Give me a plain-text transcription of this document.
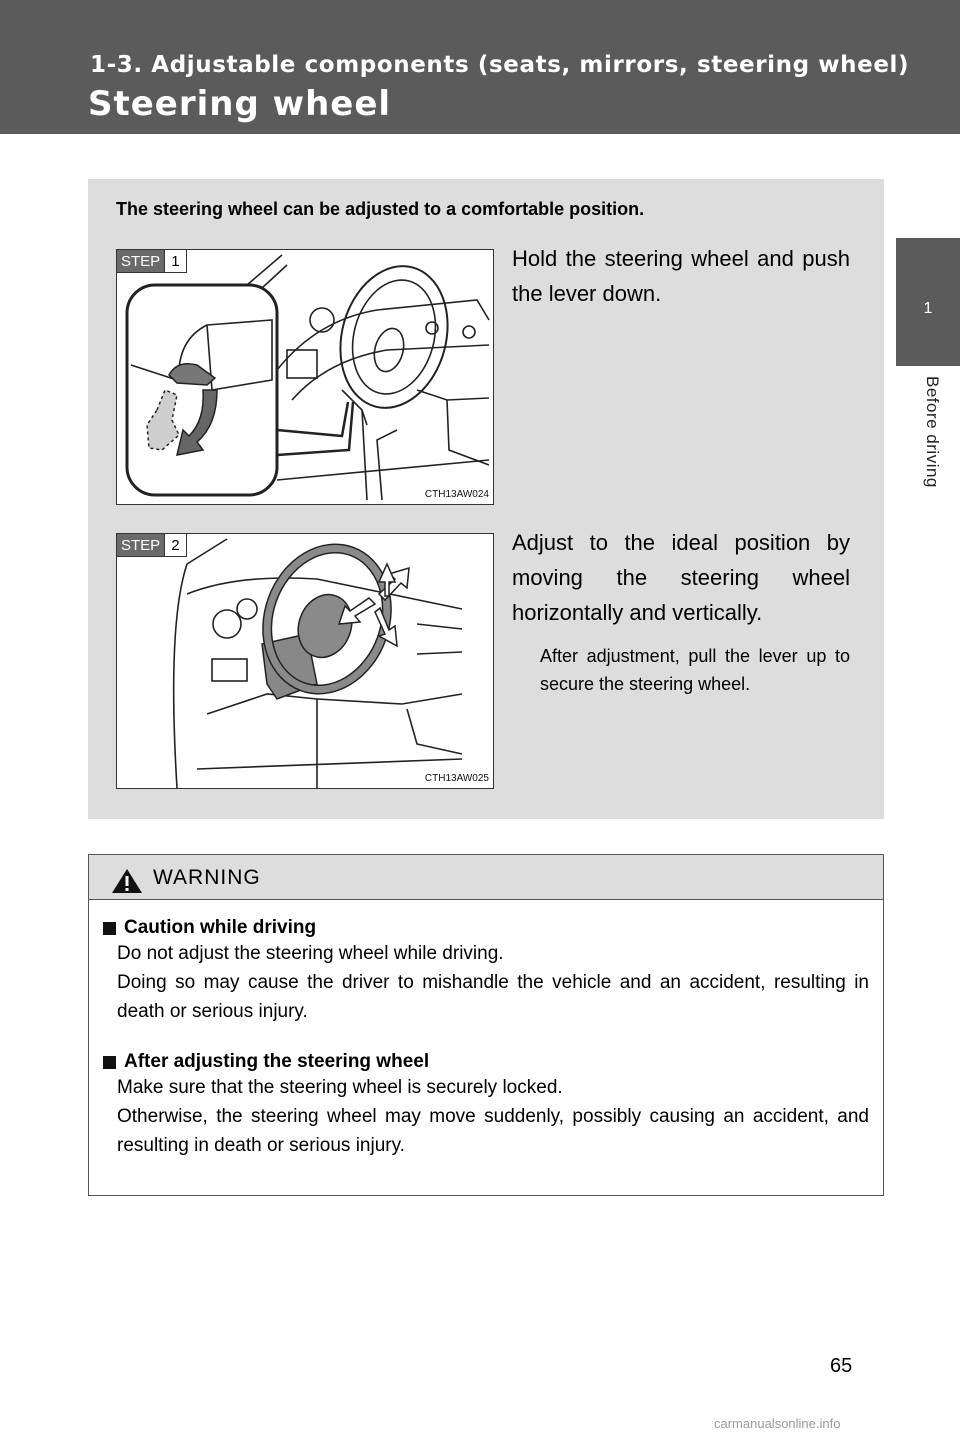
1-3. Adjustable components (seats, mirrors, steering wheel)
Steering wheel
1
Before driving

The steering wheel can be adjusted to a comfortable position.

STEP 1
CTH13AW024

Hold the steering wheel and push the lever down.

STEP 2
CTH13AW025

Adjust to the ideal position by moving the steering wheel horizontally and vertically.

After adjustment, pull the lever up to secure the steering wheel.

WARNING

Caution while driving

Do not adjust the steering wheel while driving.

Doing so may cause the driver to mishandle the vehicle and an accident, resulting in death or serious injury.

After adjusting the steering wheel

Make sure that the steering wheel is securely locked.

Otherwise, the steering wheel may move suddenly, possibly causing an accident, and resulting in death or serious injury.

65
carmanualsonline.info
